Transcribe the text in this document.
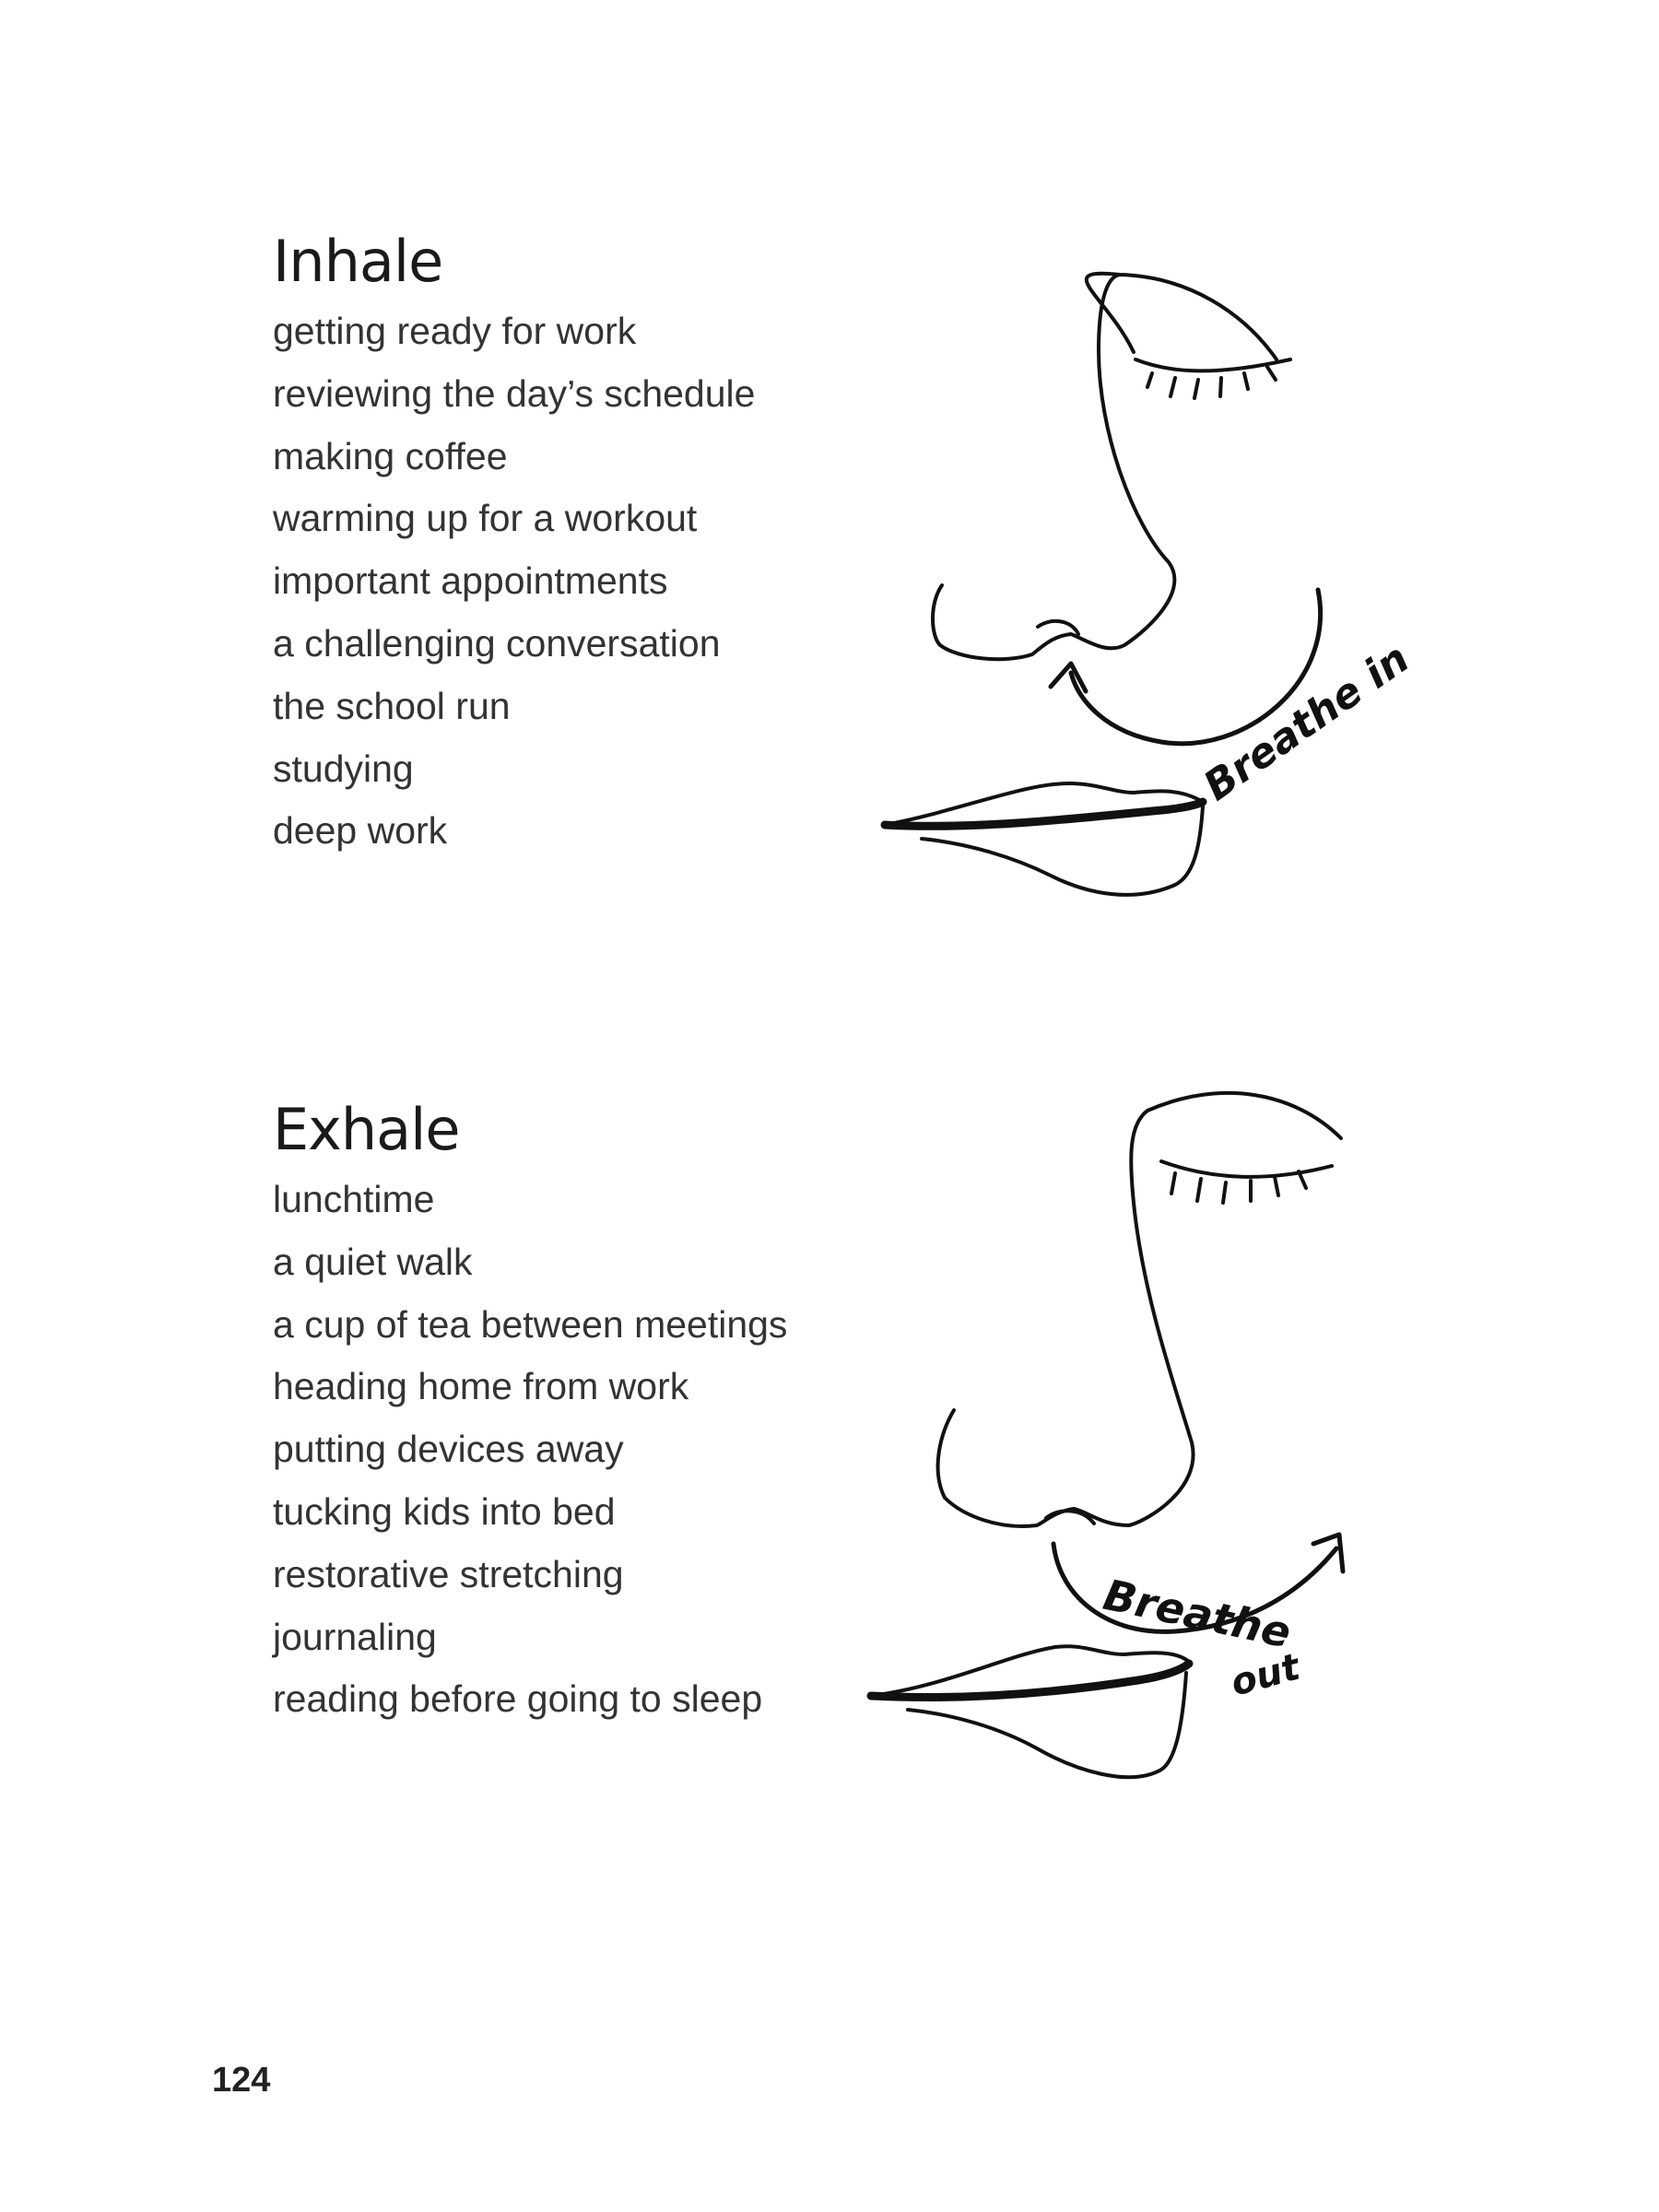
Inhale
getting ready for work
reviewing the day’s schedule
making coffee
warming up for a workout
important appointments
a challenging conversation
the school run
studying
deep work
Breathe in
Exhale
lunchtime
a quiet walk
a cup of tea between meetings
heading home from work
putting devices away
tucking kids into bed
restorative stretching
journaling
reading before going to sleep
Breathe
out
124
